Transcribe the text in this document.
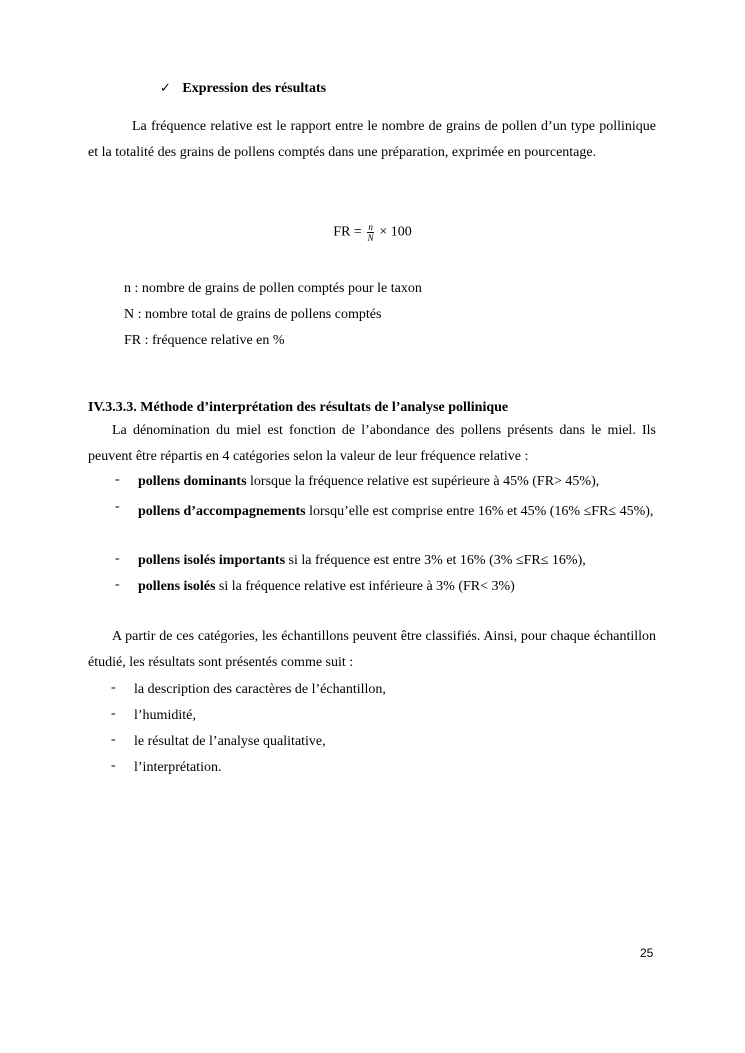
✓ Expression des résultats

La fréquence relative est le rapport entre le nombre de grains de pollen d’un type pollinique et la totalité des grains de pollens comptés dans une préparation, exprimée en pourcentage.

FR = $\frac{n}{N} \times 100$
n : nombre de grains de pollen comptés pour le taxon
N : nombre total de grains de pollens comptés
FR : fréquence relative en %
IV.3.3.3. Méthode d’interprétation des résultats de l’analyse pollinique

La dénomination du miel est fonction de l’abondance des pollens présents dans le miel. Ils peuvent être répartis en 4 catégories selon la valeur de leur fréquence relative :

- pollens dominants lorsque la fréquence relative est supérieure à 45% (FR> 45%),
- pollens d’accompagnements lorsqu’elle est comprise entre 16% et 45% (16% ≤FR≤ 45%),
- pollens isolés importants si la fréquence est entre 3% et 16% (3% ≤FR≤ 16%),
- pollens isolés si la fréquence relative est inférieure à 3% (FR< 3%)

A partir de ces catégories, les échantillons peuvent être classifiés. Ainsi, pour chaque échantillon étudié, les résultats sont présentés comme suit :

- la description des caractères de l’échantillon,
- l’humidité,
- le résultat de l’analyse qualitative,
- l’interprétation.
25
